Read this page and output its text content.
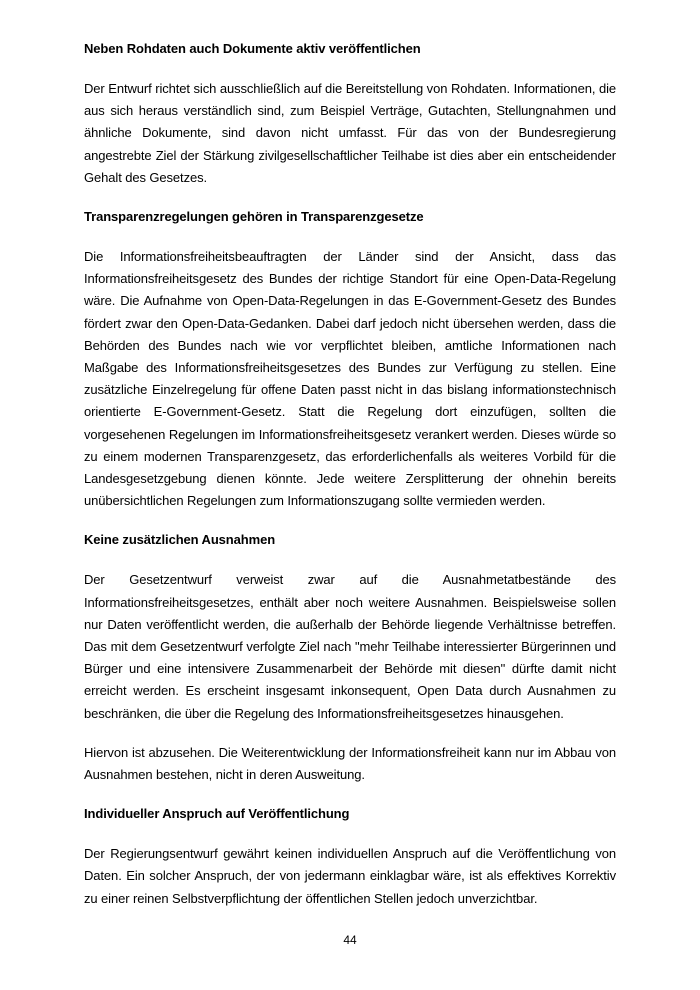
Neben Rohdaten auch Dokumente aktiv veröffentlichen

Der Entwurf richtet sich ausschließlich auf die Bereitstellung von Rohdaten. Informationen, die aus sich heraus verständlich sind, zum Beispiel Verträge, Gutachten, Stellungnahmen und ähnliche Dokumente, sind davon nicht umfasst. Für das von der Bundesregierung angestrebte Ziel der Stärkung zivilgesellschaftlicher Teilhabe ist dies aber ein entscheidender Gehalt des Gesetzes.

Transparenzregelungen gehören in Transparenzgesetze

Die Informationsfreiheitsbeauftragten der Länder sind der Ansicht, dass das Informationsfreiheitsgesetz des Bundes der richtige Standort für eine Open-Data-Regelung wäre. Die Aufnahme von Open-Data-Regelungen in das E-Government-Gesetz des Bundes fördert zwar den Open-Data-Gedanken. Dabei darf jedoch nicht übersehen werden, dass die Behörden des Bundes nach wie vor verpflichtet bleiben, amtliche Informationen nach Maßgabe des Informationsfreiheitsgesetzes des Bundes zur Verfügung zu stellen. Eine zusätzliche Einzelregelung für offene Daten passt nicht in das bislang informationstechnisch orientierte E-Government-Gesetz. Statt die Regelung dort einzufügen, sollten die vorgesehenen Regelungen im Informationsfreiheitsgesetz verankert werden. Dieses würde so zu einem modernen Transparenzgesetz, das erforderlichenfalls als weiteres Vorbild für die Landesgesetzgebung dienen könnte. Jede weitere Zersplitterung der ohnehin bereits unübersichtlichen Regelungen zum Informationszugang sollte vermieden werden.

Keine zusätzlichen Ausnahmen

Der Gesetzentwurf verweist zwar auf die Ausnahmetatbestände des Informationsfreiheitsgesetzes, enthält aber noch weitere Ausnahmen. Beispielsweise sollen nur Daten veröffentlicht werden, die außerhalb der Behörde liegende Verhältnisse betreffen. Das mit dem Gesetzentwurf verfolgte Ziel nach "mehr Teilhabe interessierter Bürgerinnen und Bürger und eine intensivere Zusammenarbeit der Behörde mit diesen" dürfte damit nicht erreicht werden. Es erscheint insgesamt inkonsequent, Open Data durch Ausnahmen zu beschränken, die über die Regelung des Informationsfreiheitsgesetzes hinausgehen.

Hiervon ist abzusehen. Die Weiterentwicklung der Informationsfreiheit kann nur im Abbau von Ausnahmen bestehen, nicht in deren Ausweitung.

Individueller Anspruch auf Veröffentlichung

Der Regierungsentwurf gewährt keinen individuellen Anspruch auf die Veröffentlichung von Daten. Ein solcher Anspruch, der von jedermann einklagbar wäre, ist als effektives Korrektiv zu einer reinen Selbstverpflichtung der öffentlichen Stellen jedoch unverzichtbar.

44
